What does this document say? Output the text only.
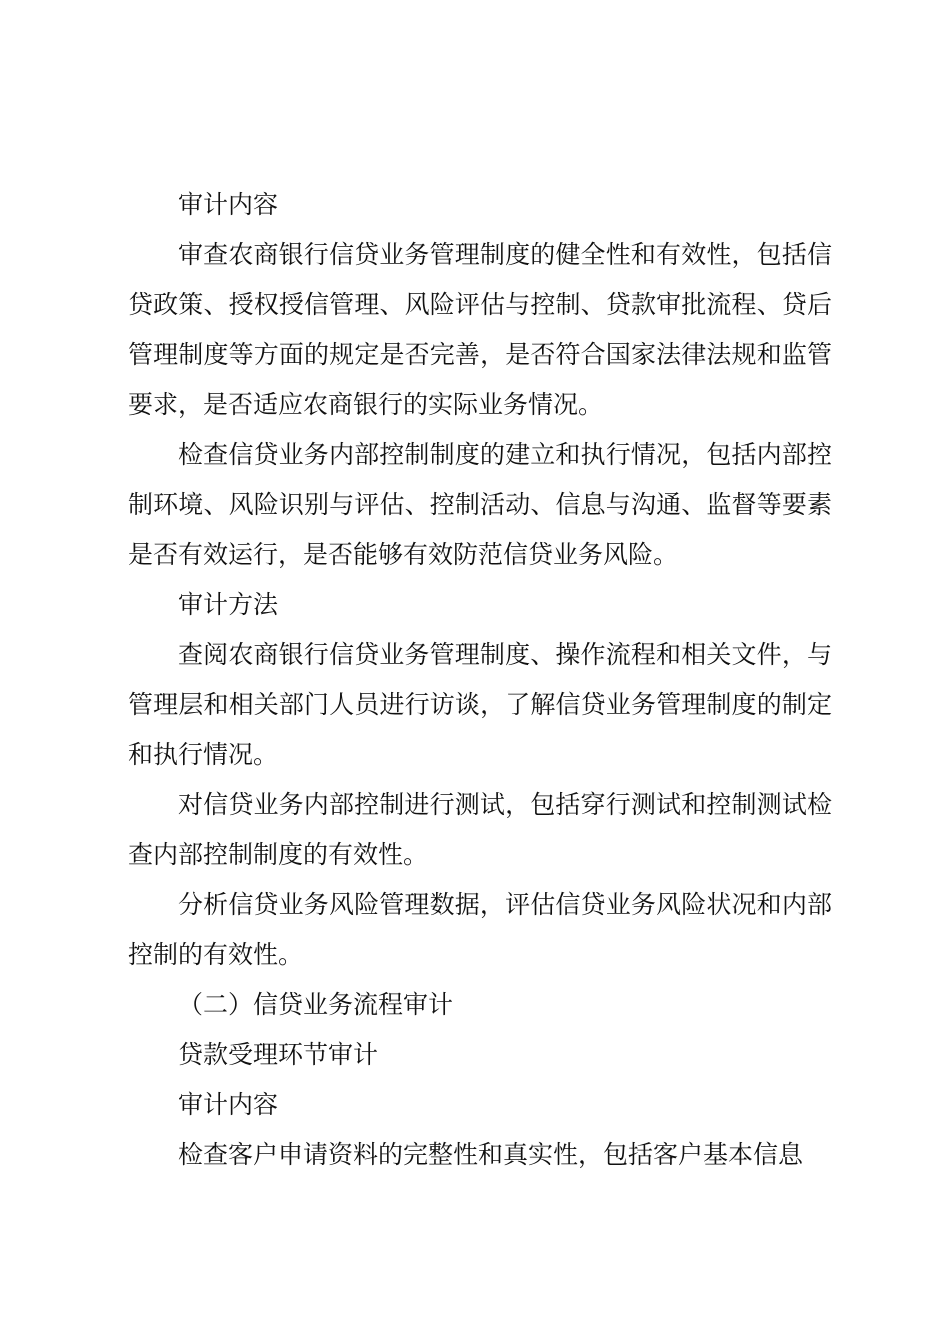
审计内容

审查农商银行信贷业务管理制度的健全性和有效性，包括信贷政策、授权授信管理、风险评估与控制、贷款审批流程、贷后管理制度等方面的规定是否完善，是否符合国家法律法规和监管要求，是否适应农商银行的实际业务情况。

检查信贷业务内部控制制度的建立和执行情况，包括内部控制环境、风险识别与评估、控制活动、信息与沟通、监督等要素是否有效运行，是否能够有效防范信贷业务风险。

审计方法

查阅农商银行信贷业务管理制度、操作流程和相关文件，与管理层和相关部门人员进行访谈，了解信贷业务管理制度的制定和执行情况。

对信贷业务内部控制进行测试，包括穿行测试和控制测试检查内部控制制度的有效性。

分析信贷业务风险管理数据，评估信贷业务风险状况和内部控制的有效性。

（二）信贷业务流程审计

贷款受理环节审计

审计内容

检查客户申请资料的完整性和真实性，包括客户基本信息
